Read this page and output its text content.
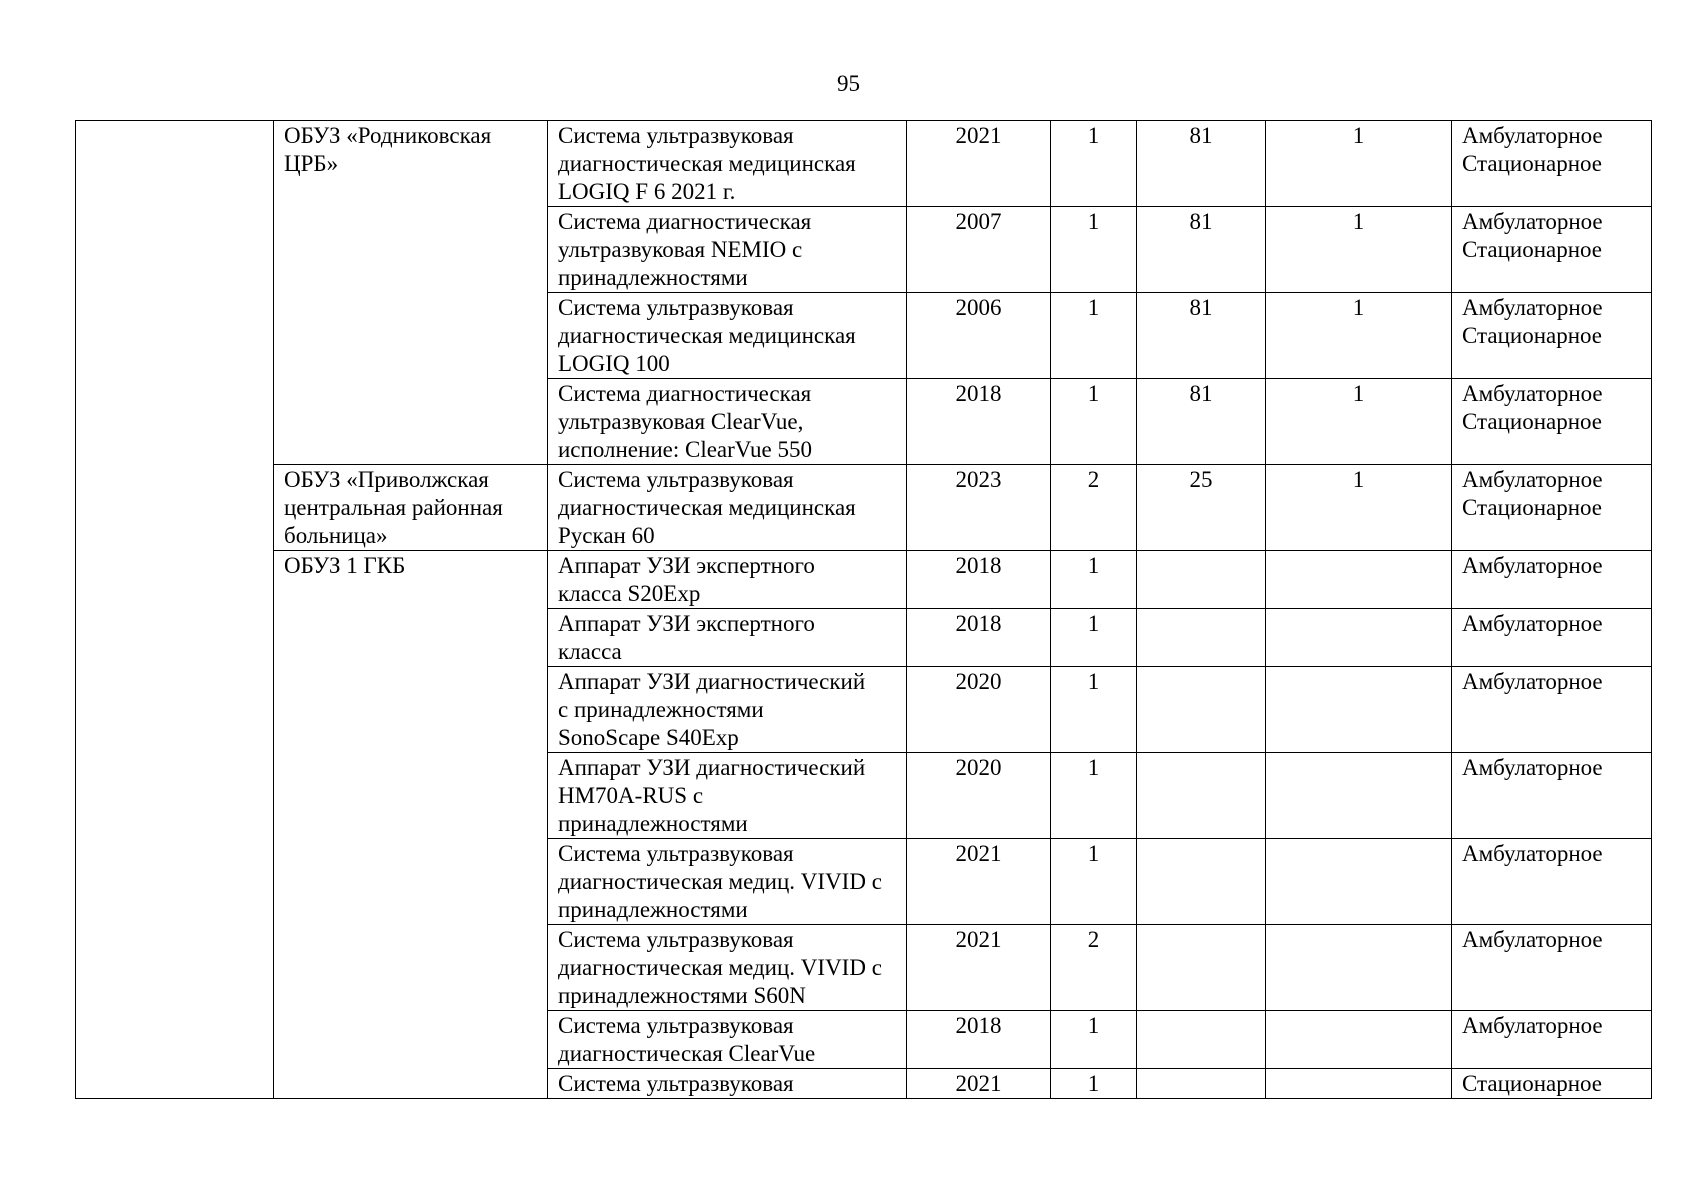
95
	ОБУЗ «Родниковская
ЦРБ»	Система ультразвуковая
диагностическая медицинская
LOGIQ F 6 2021 г.	2021	1	81	1	Амбулаторное
Стационарное
		Система диагностическая
ультразвуковая NEMIO с
принадлежностями	2007	1	81	1	Амбулаторное
Стационарное
		Система ультразвуковая
диагностическая медицинская
LOGIQ 100	2006	1	81	1	Амбулаторное
Стационарное
		Система диагностическая
ультразвуковая ClearVue,
исполнение: ClearVue 550	2018	1	81	1	Амбулаторное
Стационарное
	ОБУЗ «Приволжская
центральная районная
больница»	Система ультразвуковая
диагностическая медицинская
Рускан 60	2023	2	25	1	Амбулаторное
Стационарное
	ОБУЗ 1 ГКБ	Аппарат УЗИ экспертного
класса S20Exp	2018	1			Амбулаторное
		Аппарат УЗИ экспертного
класса	2018	1			Амбулаторное
		Аппарат УЗИ диагностический
с принадлежностями
SonoScape S40Exp	2020	1			Амбулаторное
		Аппарат УЗИ диагностический
HM70A-RUS с
принадлежностями	2020	1			Амбулаторное
		Система ультразвуковая
диагностическая медиц. VIVID с
принадлежностями	2021	1			Амбулаторное
		Система ультразвуковая
диагностическая медиц. VIVID с
принадлежностями S60N	2021	2			Амбулаторное
		Система ультразвуковая
диагностическая ClearVue	2018	1			Амбулаторное
		Система ультразвуковая	2021	1			Стационарное
